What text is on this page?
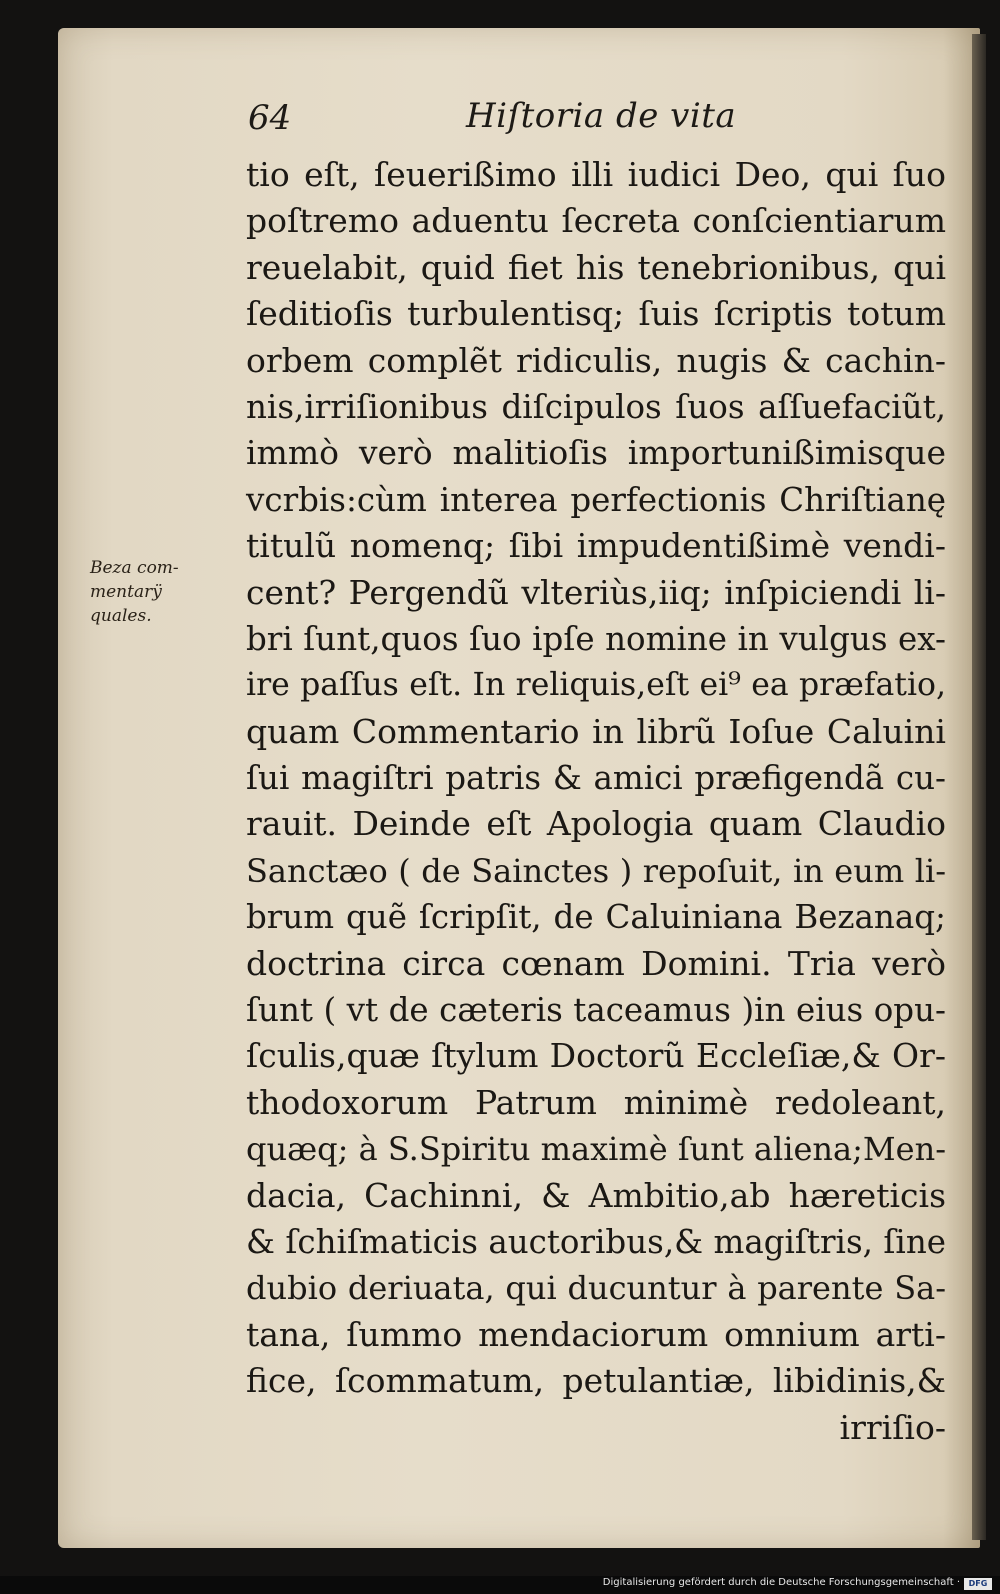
64	Hiſtoria de vita
Beza com-
mentarÿ
quales.
tio eſt, ſeuerißimo illi iudici Deo, qui ſuo
poſtremo aduentu ſecreta conſcientiarum
reuelabit, quid fiet his tenebrionibus, qui
ſeditioſis turbulentisq; ſuis ſcriptis totum
orbem complẽt ridiculis, nugis & cachin-
nis,irriſionibus diſcipulos ſuos aſſuefaciũt,
immò verò malitioſis importunißimisque
vcrbis:cùm interea perfectionis Chriſtianę
titulũ nomenq; ſibi impudentißimè vendi-
cent? Pergendũ vlteriùs,iiq; inſpiciendi li-
bri ſunt,quos ſuo ipſe nomine in vulgus ex-
ire paſſus eſt. In reliquis,eſt ei⁹ ea præfatio,
quam Commentario in librũ Ioſue Caluini
ſui magiſtri patris & amici præfigendã cu-
rauit. Deinde eſt Apologia quam Claudio
Sanctæo ( de Sainctes ) repoſuit, in eum li-
brum quẽ ſcripſit, de Caluiniana Bezanaq;
doctrina circa cœnam Domini. Tria verò
ſunt ( vt de cæteris taceamus )in eius opu-
ſculis,quæ ſtylum Doctorũ Eccleſiæ,& Or-
thodoxorum Patrum minimè redoleant,
quæq; à S.Spiritu maximè ſunt aliena;Men-
dacia, Cachinni, & Ambitio,ab hæreticis
& ſchiſmaticis auctoribus,& magiſtris, ſine
dubio deriuata, qui ducuntur à parente Sa-
tana, ſummo mendaciorum omnium arti-
fice, ſcommatum, petulantiæ, libidinis,&
irriſio-
Digitalisierung gefördert durch die Deutsche Forschungsgemeinschaft ·	DFG
